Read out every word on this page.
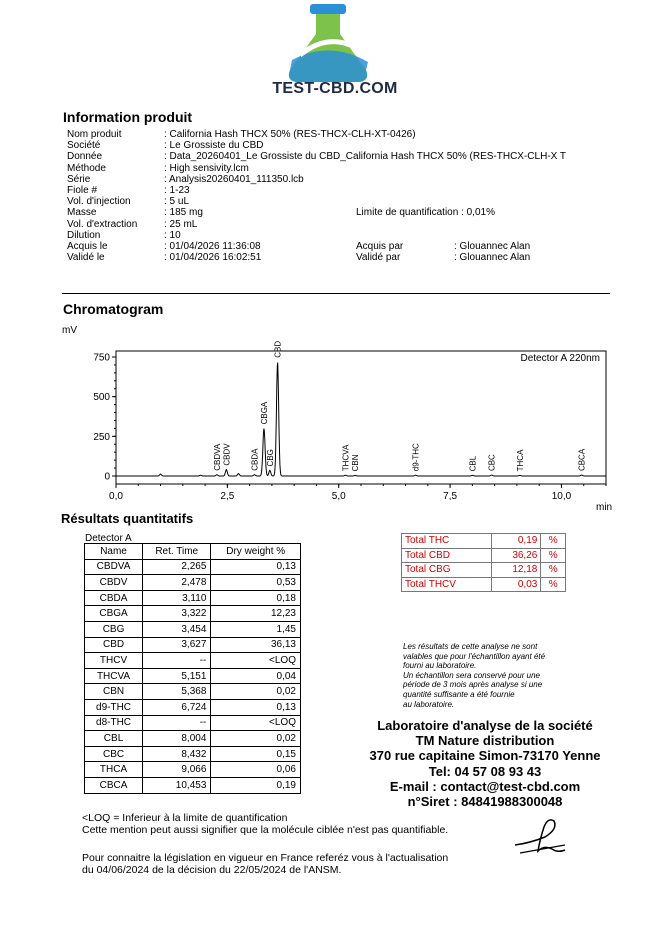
TEST-CBD.COM
Information produit
Nom produit	: California Hash THCX 50% (RES-THCX-CLH-XT-0426)
Société	: Le Grossiste du CBD
Donnée	: Data_20260401_Le Grossiste du CBD_California Hash THCX 50% (RES-THCX-CLH-X T
Méthode	: High sensivity.lcm
Série	: Analysis20260401_111350.lcb
Fiole #	: 1-23
Vol. d'injection	: 5 uL
Masse	: 185 mg	Limite de quantification : 0,01%
Vol. d'extraction	: 25 mL
Dilution	: 10
Acquis le	: 01/04/2026 11:36:08	Acquis par	: Glouannec Alan
Validé le	: 01/04/2026 16:02:51	Validé par	: Glouannec Alan
Chromatogram
mV
Detector A 220nm
750
500
250
0
0,0	2,5	5,0	7,5	10,0
CBDVA CBDV CBDA
CBGA
CBG
CBD
THCVA CBN	d9-THC	CBL CBC THCA	CBCA
min
Résultats quantitatifs
Detector A
Name	Ret. Time	Dry weight %
CBDVA	2,265	0,13
CBDV	2,478	0,53
CBDA	3,110	0,18
CBGA	3,322	12,23
CBG	3,454	1,45
CBD	3,627	36,13
THCV	--	<LOQ
THCVA	5,151	0,04
CBN	5,368	0,02
d9-THC	6,724	0,13
d8-THC	--	<LOQ
CBL	8,004	0,02
CBC	8,432	0,15
THCA	9,066	0,06
CBCA	10,453	0,19
Total THC	0,19	%
Total CBD	36,26	%
Total CBG	12,18	%
Total THCV	0,03	%
Les résultats de cette analyse ne sont
valables que pour l'échantillon ayant été
fourni au laboratoire.
Un échantillon sera conservé pour une
période de 3 mois après analyse si une
quantité suffisante a été fournie
au laboratoire.
Laboratoire d'analyse de la société
TM Nature distribution
370 rue capitaine Simon-73170 Yenne
Tel: 04 57 08 93 43
E-mail : contact@test-cbd.com
n°Siret : 84841988300048
<LOQ = Inferieur à la limite de quantification
Cette mention peut aussi signifier que la molécule ciblée n'est pas quantifiable.
Pour connaitre la législation en vigueur en France referéz vous à l'actualisation
du 04/06/2024 de la décision du 22/05/2024 de l'ANSM.
